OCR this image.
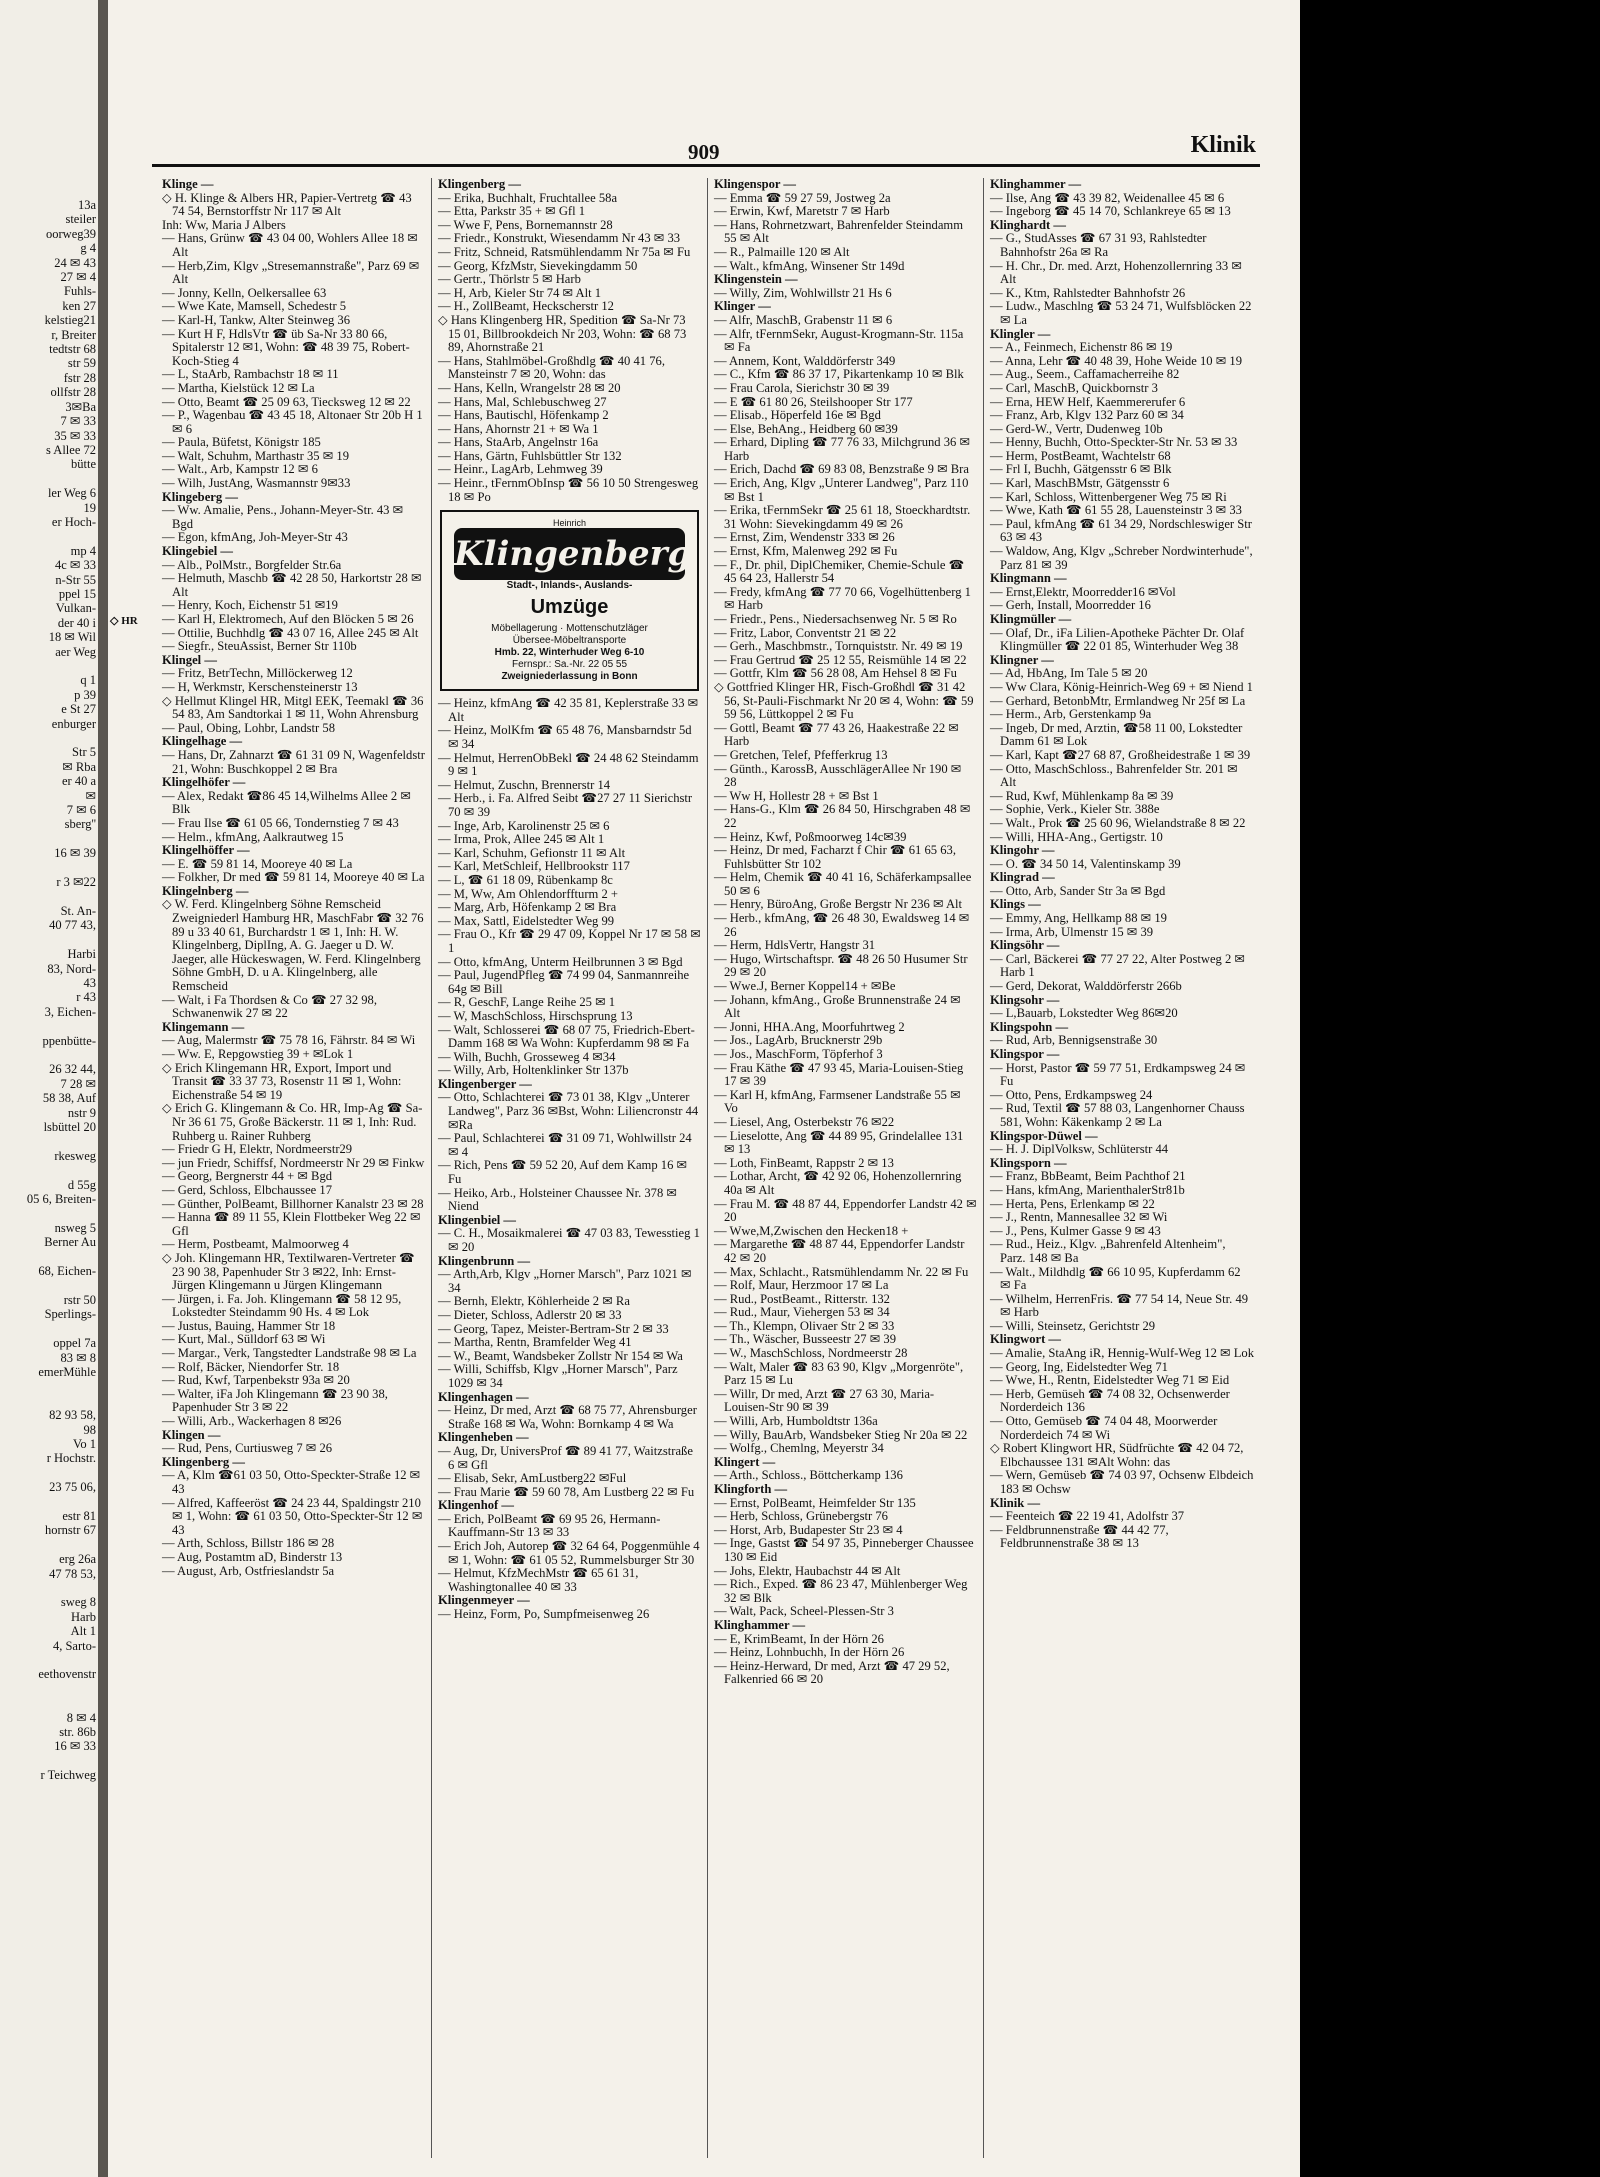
13a
steiler
oorweg39
g 4
24 ✉ 43
27 ✉ 4
Fuhls-
ken 27
kelstieg21
r, Breiter
tedtstr 68
str 59
fstr 28
ollfstr 28
3✉Ba
7 ✉ 33
35 ✉ 33
s Allee 72
bütte

ler Weg 6
19
er Hoch-

mp 4
4c ✉ 33
n-Str 55
ppel 15
Vulkan-
der 40 i
18 ✉ Wil
aer Weg

q 1
p 39
e St 27
enburger

Str 5
✉ Rba
er 40 a
✉
7 ✉ 6
sberg''

16 ✉ 39

r 3 ✉22

St. An-
40 77 43,

Harbi
83, Nord-
43
r 43
3, Eichen-

ppenbütte-

26 32 44,
7 28 ✉
58 38, Auf
nstr 9
lsbüttel 20

rkesweg

d 55g
05 6, Breiten-

nsweg 5
Berner Au

68, Eichen-

rstr 50
Sperlings-

oppel 7a
83 ✉ 8
emerMühle

82 93 58,
98
Vo 1
r Hochstr.

23 75 06,

estr 81
hornstr 67

erg 26a
47 78 53,

sweg 8
Harb
Alt 1
4, Sarto-

eethovenstr

8 ✉ 4
str. 86b
16 ✉ 33

r Teichweg
909	Klinik
◇ HR

Klinge —

◇ H. Klinge & Albers HR, Papier-Vertretg ☎ 43 74 54, Bernstorffstr Nr 117 ✉ Alt

Inh: Ww, Maria J Albers

— Hans, Grünw ☎ 43 04 00, Wohlers Allee 18 ✉ Alt

— Herb,Zim, Klgv „Stresemannstraße", Parz 69 ✉ Alt

— Jonny, Kelln, Oelkersallee 63

— Wwe Kate, Mamsell, Schedestr 5

— Karl-H, Tankw, Alter Steinweg 36

— Kurt H F, HdlsVtr ☎ üb Sa-Nr 33 80 66, Spitalerstr 12 ✉1, Wohn: ☎ 48 39 75, Robert-Koch-Stieg 4

— L, StaArb, Rambachstr 18 ✉ 11

— Martha, Kielstück 12 ✉ La

— Otto, Beamt ☎ 25 09 63, Tiecksweg 12 ✉ 22

— P., Wagenbau ☎ 43 45 18, Altonaer Str 20b H 1 ✉ 6

— Paula, Büfetst, Königstr 185

— Walt, Schuhm, Marthastr 35 ✉ 19

— Walt., Arb, Kampstr 12 ✉ 6

— Wilh, JustAng, Wasmannstr 9✉33

Klingeberg —

— Ww. Amalie, Pens., Johann-Meyer-Str. 43 ✉ Bgd

— Egon, kfmAng, Joh-Meyer-Str 43

Klingebiel —

— Alb., PolMstr., Borgfelder Str.6a

— Helmuth, Maschb ☎ 42 28 50, Harkortstr 28 ✉ Alt

— Henry, Koch, Eichenstr 51 ✉19

— Karl H, Elektromech, Auf den Blöcken 5 ✉ 26

— Ottilie, Buchhdlg ☎ 43 07 16, Allee 245 ✉ Alt

— Siegfr., SteuAssist, Berner Str 110b

Klingel —

— Fritz, BetrTechn, Millöckerweg 12

— H, Werkmstr, Kerschensteinerstr 13

◇ Hellmut Klingel HR, Mitgl EEK, Teemakl ☎ 36 54 83, Am Sandtorkai 1 ✉ 11, Wohn Ahrensburg

— Paul, Obing, Lohbr, Landstr 58

Klingelhage —

— Hans, Dr, Zahnarzt ☎ 61 31 09 N, Wagenfeldstr 21, Wohn: Buschkoppel 2 ✉ Bra

Klingelhöfer —

— Alex, Redakt ☎86 45 14,Wilhelms Allee 2 ✉ Blk

— Frau Ilse ☎ 61 05 66, Tondernstieg 7 ✉ 43

— Helm., kfmAng, Aalkrautweg 15

Klingelhöffer —

— E. ☎ 59 81 14, Mooreye 40 ✉ La

— Folkher, Dr med ☎ 59 81 14, Mooreye 40 ✉ La

Klingelnberg —

◇ W. Ferd. Klingelnberg Söhne Remscheid Zweigniederl Hamburg HR, MaschFabr ☎ 32 76 89 u 33 40 61, Burchardstr 1 ✉ 1, Inh: H. W. Klingelnberg, DiplIng, A. G. Jaeger u D. W. Jaeger, alle Hückeswagen, W. Ferd. Klingelnberg Söhne GmbH, D. u A. Klingelnberg, alle Remscheid

— Walt, i Fa Thordsen & Co ☎ 27 32 98, Schwanenwik 27 ✉ 22

Klingemann —

— Aug, Malermstr ☎ 75 78 16, Fährstr. 84 ✉ Wi

— Ww. E, Repgowstieg 39 + ✉Lok 1

◇ Erich Klingemann HR, Export, Import und Transit ☎ 33 37 73, Rosenstr 11 ✉ 1, Wohn: Eichenstraße 54 ✉ 19

◇ Erich G. Klingemann & Co. HR, Imp-Ag ☎ Sa-Nr 36 61 75, Große Bäckerstr. 11 ✉ 1, Inh: Rud. Ruhberg u. Rainer Ruhberg

— Friedr G H, Elektr, Nordmeerstr29

— jun Friedr, Schiffsf, Nordmeerstr Nr 29 ✉ Finkw

— Georg, Bergnerstr 44 + ✉ Bgd

— Gerd, Schloss, Elbchaussee 17

— Günther, PolBeamt, Billhorner Kanalstr 23 ✉ 28

— Hanna ☎ 89 11 55, Klein Flottbeker Weg 22 ✉ Gfl

— Herm, Postbeamt, Malmoorweg 4

◇ Joh. Klingemann HR, Textilwaren-Vertreter ☎ 23 90 38, Papenhuder Str 3 ✉22, Inh: Ernst-Jürgen Klingemann u Jürgen Klingemann

— Jürgen, i. Fa. Joh. Klingemann ☎ 58 12 95, Lokstedter Steindamm 90 Hs. 4 ✉ Lok

— Justus, Bauing, Hammer Str 18

— Kurt, Mal., Sülldorf 63 ✉ Wi

— Margar., Verk, Tangstedter Landstraße 98 ✉ La

— Rolf, Bäcker, Niendorfer Str. 18

— Rud, Kwf, Tarpenbekstr 93a ✉ 20

— Walter, iFa Joh Klingemann ☎ 23 90 38, Papenhuder Str 3 ✉ 22

— Willi, Arb., Wackerhagen 8 ✉26

Klingen —

— Rud, Pens, Curtiusweg 7 ✉ 26

Klingenberg —

— A, Klm ☎61 03 50, Otto-Speckter-Straße 12 ✉ 43

— Alfred, Kaffeeröst ☎ 24 23 44, Spaldingstr 210 ✉ 1, Wohn: ☎ 61 03 50, Otto-Speckter-Str 12 ✉ 43

— Arth, Schloss, Billstr 186 ✉ 28

— Aug, Postamtm aD, Binderstr 13

— August, Arb, Ostfrieslandstr 5a

Klingenberg —

— Erika, Buchhalt, Fruchtallee 58a

— Etta, Parkstr 35 + ✉ Gfl 1

— Wwe F, Pens, Bornemannstr 28

— Friedr., Konstrukt, Wiesendamm Nr 43 ✉ 33

— Fritz, Schneid, Ratsmühlendamm Nr 75a ✉ Fu

— Georg, KfzMstr, Sievekingdamm 50

— Gertr., Thörlstr 5 ✉ Harb

— H, Arb, Kieler Str 74 ✉ Alt 1

— H., ZollBeamt, Heckscherstr 12

◇ Hans Klingenberg HR, Spedition ☎ Sa-Nr 73 15 01, Billbrookdeich Nr 203, Wohn: ☎ 68 73 89, Ahornstraße 21

— Hans, Stahlmöbel-Großhdlg ☎ 40 41 76, Mansteinstr 7 ✉ 20, Wohn: das

— Hans, Kelln, Wrangelstr 28 ✉ 20

— Hans, Mal, Schlebuschweg 27

— Hans, Bautischl, Höfenkamp 2

— Hans, Ahornstr 21 + ✉ Wa 1

— Hans, StaArb, Angelnstr 16a

— Hans, Gärtn, Fuhlsbüttler Str 132

— Heinr., LagArb, Lehmweg 39

— Heinr., tFernmObInsp ☎ 56 10 50 Strengesweg 18 ✉ Po

Heinrich
Klingenberg
Stadt-, Inlands-, Auslands-
Umzüge
Möbellagerung · Mottenschutzläger
Übersee-Möbeltransporte
Hmb. 22, Winterhuder Weg 6-10
Fernspr.: Sa.-Nr. 22 05 55
Zweigniederlassung in Bonn

— Heinz, kfmAng ☎ 42 35 81, Keplerstraße 33 ✉ Alt

— Heinz, MolKfm ☎ 65 48 76, Mansbarndstr 5d ✉ 34

— Helmut, HerrenObBekl ☎ 24 48 62 Steindamm 9 ✉ 1

— Helmut, Zuschn, Brennerstr 14

— Herb., i. Fa. Alfred Seibt ☎27 27 11 Sierichstr 70 ✉ 39

— Inge, Arb, Karolinenstr 25 ✉ 6

— Irma, Prok, Allee 245 ✉ Alt 1

— Karl, Schuhm, Gefionstr 11 ✉ Alt

— Karl, MetSchleif, Hellbrookstr 117

— L, ☎ 61 18 09, Rübenkamp 8c

— M, Ww, Am Ohlendorffturm 2 +

— Marg, Arb, Höfenkamp 2 ✉ Bra

— Max, Sattl, Eidelstedter Weg 99

— Frau O., Kfr ☎ 29 47 09, Koppel Nr 17 ✉ 58 ✉ 1

— Otto, kfmAng, Unterm Heilbrunnen 3 ✉ Bgd

— Paul, JugendPfleg ☎ 74 99 04, Sanmannreihe 64g ✉ Bill

— R, GeschF, Lange Reihe 25 ✉ 1

— W, MaschSchloss, Hirschsprung 13

— Walt, Schlosserei ☎ 68 07 75, Friedrich-Ebert-Damm 168 ✉ Wa Wohn: Kupferdamm 98 ✉ Fa

— Wilh, Buchh, Grosseweg 4 ✉34

— Willy, Arb, Holtenklinker Str 137b

Klingenberger —

— Otto, Schlachterei ☎ 73 01 38, Klgv „Unterer Landweg", Parz 36 ✉Bst, Wohn: Liliencronstr 44✉Ra

— Paul, Schlachterei ☎ 31 09 71, Wohlwillstr 24 ✉ 4

— Rich, Pens ☎ 59 52 20, Auf dem Kamp 16 ✉ Fu

— Heiko, Arb., Holsteiner Chaussee Nr. 378 ✉ Niend

Klingenbiel —

— C. H., Mosaikmalerei ☎ 47 03 83, Tewesstieg 1 ✉ 20

Klingenbrunn —

— Arth,Arb, Klgv „Horner Marsch", Parz 1021 ✉ 34

— Bernh, Elektr, Köhlerheide 2 ✉ Ra

— Dieter, Schloss, Adlerstr 20 ✉ 33

— Georg, Tapez, Meister-Bertram-Str 2 ✉ 33

— Martha, Rentn, Bramfelder Weg 41

— W., Beamt, Wandsbeker Zollstr Nr 154 ✉ Wa

— Willi, Schiffsb, Klgv „Horner Marsch", Parz 1029 ✉ 34

Klingenhagen —

— Heinz, Dr med, Arzt ☎ 68 75 77, Ahrensburger Straße 168 ✉ Wa, Wohn: Bornkamp 4 ✉ Wa

Klingenheben —

— Aug, Dr, UniversProf ☎ 89 41 77, Waitzstraße 6 ✉ Gfl

— Elisab, Sekr, AmLustberg22 ✉Ful

— Frau Marie ☎ 59 60 78, Am Lustberg 22 ✉ Fu

Klingenhof —

— Erich, PolBeamt ☎ 69 95 26, Hermann-Kauffmann-Str 13 ✉ 33

— Erich Joh, Autorep ☎ 32 64 64, Poggenmühle 4 ✉ 1, Wohn: ☎ 61 05 52, Rummelsburger Str 30

— Helmut, KfzMechMstr ☎ 65 61 31, Washingtonallee 40 ✉ 33

Klingenmeyer —

— Heinz, Form, Po, Sumpfmeisenweg 26

Klingenspor —

— Emma ☎ 59 27 59, Jostweg 2a

— Erwin, Kwf, Maretstr 7 ✉ Harb

— Hans, Rohrnetzwart, Bahrenfelder Steindamm 55 ✉ Alt

— R., Palmaille 120 ✉ Alt

— Walt., kfmAng, Winsener Str 149d

Klingenstein —

— Willy, Zim, Wohlwillstr 21 Hs 6

Klinger —

— Alfr, MaschB, Grabenstr 11 ✉ 6

— Alfr, tFernmSekr, August-Krogmann-Str. 115a ✉ Fa

— Annem, Kont, Walddörferstr 349

— C., Kfm ☎ 86 37 17, Pikartenkamp 10 ✉ Blk

— Frau Carola, Sierichstr 30 ✉ 39

— E ☎ 61 80 26, Steilshooper Str 177

— Elisab., Höperfeld 16e ✉ Bgd

— Else, BehAng., Heidberg 60 ✉39

— Erhard, Dipling ☎ 77 76 33, Milchgrund 36 ✉ Harb

— Erich, Dachd ☎ 69 83 08, Benzstraße 9 ✉ Bra

— Erich, Ang, Klgv „Unterer Landweg", Parz 110 ✉ Bst 1

— Erika, tFernmSekr ☎ 25 61 18, Stoeckhardtstr. 31 Wohn: Sievekingdamm 49 ✉ 26

— Ernst, Zim, Wendenstr 333 ✉ 26

— Ernst, Kfm, Malenweg 292 ✉ Fu

— F., Dr. phil, DiplChemiker, Chemie-Schule ☎ 45 64 23, Hallerstr 54

— Fredy, kfmAng ☎ 77 70 66, Vogelhüttenberg 1 ✉ Harb

— Friedr., Pens., Niedersachsenweg Nr. 5 ✉ Ro

— Fritz, Labor, Conventstr 21 ✉ 22

— Gerh., Maschbmstr., Tornquiststr. Nr. 49 ✉ 19

— Frau Gertrud ☎ 25 12 55, Reismühle 14 ✉ 22

— Gottfr, Klm ☎ 56 28 08, Am Hehsel 8 ✉ Fu

◇ Gottfried Klinger HR, Fisch-Großhdl ☎ 31 42 56, St-Pauli-Fischmarkt Nr 20 ✉ 4, Wohn: ☎ 59 59 56, Lüttkoppel 2 ✉ Fu

— Gottl, Beamt ☎ 77 43 26, Haakestraße 22 ✉ Harb

— Gretchen, Telef, Pfefferkrug 13

— Günth., KarossB, AusschlägerAllee Nr 190 ✉ 28

— Ww H, Hollestr 28 + ✉ Bst 1

— Hans-G., Klm ☎ 26 84 50, Hirschgraben 48 ✉ 22

— Heinz, Kwf, Poßmoorweg 14c✉39

— Heinz, Dr med, Facharzt f Chir ☎ 61 65 63, Fuhlsbütter Str 102

— Helm, Chemik ☎ 40 41 16, Schäferkampsallee 50 ✉ 6

— Henry, BüroAng, Große Bergstr Nr 236 ✉ Alt

— Herb., kfmAng, ☎ 26 48 30, Ewaldsweg 14 ✉ 26

— Herm, HdlsVertr, Hangstr 31

— Hugo, Wirtschaftspr. ☎ 48 26 50 Husumer Str 29 ✉ 20

— Wwe.J, Berner Koppel14 + ✉Be

— Johann, kfmAng., Große Brunnenstraße 24 ✉ Alt

— Jonni, HHA.Ang, Moorfuhrtweg 2

— Jos., LagArb, Brucknerstr 29b

— Jos., MaschForm, Töpferhof 3

— Frau Käthe ☎ 47 93 45, Maria-Louisen-Stieg 17 ✉ 39

— Karl H, kfmAng, Farmsener Landstraße 55 ✉ Vo

— Liesel, Ang, Osterbekstr 76 ✉22

— Lieselotte, Ang ☎ 44 89 95, Grindelallee 131 ✉ 13

— Loth, FinBeamt, Rappstr 2 ✉ 13

— Lothar, Archt, ☎ 42 92 06, Hohenzollernring 40a ✉ Alt

— Frau M. ☎ 48 87 44, Eppendorfer Landstr 42 ✉ 20

— Wwe,M,Zwischen den Hecken18 +

— Margarethe ☎ 48 87 44, Eppendorfer Landstr 42 ✉ 20

— Max, Schlacht., Ratsmühlendamm Nr. 22 ✉ Fu

— Rolf, Maur, Herzmoor 17 ✉ La

— Rud., PostBeamt., Ritterstr. 132

— Rud., Maur, Viehergen 53 ✉ 34

— Th., Klempn, Olivaer Str 2 ✉ 33

— Th., Wäscher, Busseestr 27 ✉ 39

— W., MaschSchloss, Nordmeerstr 28

— Walt, Maler ☎ 83 63 90, Klgv „Morgenröte", Parz 15 ✉ Lu

— Willr, Dr med, Arzt ☎ 27 63 30, Maria-Louisen-Str 90 ✉ 39

— Willi, Arb, Humboldtstr 136a

— Willy, BauArb, Wandsbeker Stieg Nr 20a ✉ 22

— Wolfg., Chemlng, Meyerstr 34

Klingert —

— Arth., Schloss., Böttcherkamp 136

Klingforth —

— Ernst, PolBeamt, Heimfelder Str 135

— Herb, Schloss, Grünebergstr 76

— Horst, Arb, Budapester Str 23 ✉ 4

— Inge, Gastst ☎ 54 97 35, Pinneberger Chaussee 130 ✉ Eid

— Johs, Elektr, Haubachstr 44 ✉ Alt

— Rich., Exped. ☎ 86 23 47, Mühlenberger Weg 32 ✉ Blk

— Walt, Pack, Scheel-Plessen-Str 3

Klinghammer —

— E, KrimBeamt, In der Hörn 26

— Heinz, Lohnbuchh, In der Hörn 26

— Heinz-Herward, Dr med, Arzt ☎ 47 29 52, Falkenried 66 ✉ 20

Klinghammer —

— Ilse, Ang ☎ 43 39 82, Weidenallee 45 ✉ 6

— Ingeborg ☎ 45 14 70, Schlankreye 65 ✉ 13

Klinghardt —

— G., StudAsses ☎ 67 31 93, Rahlstedter Bahnhofstr 26a ✉ Ra

— H. Chr., Dr. med. Arzt, Hohenzollernring 33 ✉ Alt

— K., Ktm, Rahlstedter Bahnhofstr 26

— Ludw., Maschlng ☎ 53 24 71, Wulfsblöcken 22 ✉ La

Klingler —

— A., Feinmech, Eichenstr 86 ✉ 19

— Anna, Lehr ☎ 40 48 39, Hohe Weide 10 ✉ 19

— Aug., Seem., Caffamacherreihe 82

— Carl, MaschB, Quickbornstr 3

— Erna, HEW Helf, Kaemmererufer 6

— Franz, Arb, Klgv 132 Parz 60 ✉ 34

— Gerd-W., Vertr, Dudenweg 10b

— Henny, Buchh, Otto-Speckter-Str Nr. 53 ✉ 33

— Herm, PostBeamt, Wachtelstr 68

— Frl I, Buchh, Gätgensstr 6 ✉ Blk

— Karl, MaschBMstr, Gätgensstr 6

— Karl, Schloss, Wittenbergener Weg 75 ✉ Ri

— Wwe, Kath ☎ 61 55 28, Lauensteinstr 3 ✉ 33

— Paul, kfmAng ☎ 61 34 29, Nordschleswiger Str 63 ✉ 43

— Waldow, Ang, Klgv „Schreber Nordwinterhude", Parz 81 ✉ 39

Klingmann —

— Ernst,Elektr, Moorredder16 ✉Vol

— Gerh, Install, Moorredder 16

Klingmüller —

— Olaf, Dr., iFa Lilien-Apotheke Pächter Dr. Olaf Klingmüller ☎ 22 01 85, Winterhuder Weg 38

Klingner —

— Ad, HbAng, Im Tale 5 ✉ 20

— Ww Clara, König-Heinrich-Weg 69 + ✉ Niend 1

— Gerhard, BetonbMtr, Ermlandweg Nr 25f ✉ La

— Herm., Arb, Gerstenkamp 9a

— Ingeb, Dr med, Arztin, ☎58 11 00, Lokstedter Damm 61 ✉ Lok

— Karl, Kapt ☎27 68 87, Großheidestraße 1 ✉ 39

— Otto, MaschSchloss., Bahrenfelder Str. 201 ✉ Alt

— Rud, Kwf, Mühlenkamp 8a ✉ 39

— Sophie, Verk., Kieler Str. 388e

— Walt., Prok ☎ 25 60 96, Wielandstraße 8 ✉ 22

— Willi, HHA-Ang., Gertigstr. 10

Klingohr —

— O. ☎ 34 50 14, Valentinskamp 39

Klingrad —

— Otto, Arb, Sander Str 3a ✉ Bgd

Klings —

— Emmy, Ang, Hellkamp 88 ✉ 19

— Irma, Arb, Ulmenstr 15 ✉ 39

Klingsöhr —

— Carl, Bäckerei ☎ 77 27 22, Alter Postweg 2 ✉ Harb 1

— Gerd, Dekorat, Walddörferstr 266b

Klingsohr —

— L,Bauarb, Lokstedter Weg 86✉20

Klingspohn —

— Rud, Arb, Bennigsenstraße 30

Klingspor —

— Horst, Pastor ☎ 59 77 51, Erdkampsweg 24 ✉ Fu

— Otto, Pens, Erdkampsweg 24

— Rud, Textil ☎ 57 88 03, Langenhorner Chauss 581, Wohn: Käkenkamp 2 ✉ La

Klingspor-Düwel —

— H. J. DiplVolksw, Schlüterstr 44

Klingsporn —

— Franz, BbBeamt, Beim Pachthof 21

— Hans, kfmAng, MarienthalerStr81b

— Herta, Pens, Erlenkamp ✉ 22

— J., Rentn, Mannesallee 32 ✉ Wi

— J., Pens, Kulmer Gasse 9 ✉ 43

— Rud., Heiz., Klgv. „Bahrenfeld Altenheim", Parz. 148 ✉ Ba

— Walt., Mildhdlg ☎ 66 10 95, Kupferdamm 62 ✉ Fa

— Wilhelm, HerrenFris. ☎ 77 54 14, Neue Str. 49 ✉ Harb

— Willi, Steinsetz, Gerichtstr 29

Klingwort —

— Amalie, StaAng iR, Hennig-Wulf-Weg 12 ✉ Lok

— Georg, Ing, Eidelstedter Weg 71

— Wwe, H., Rentn, Eidelstedter Weg 71 ✉ Eid

— Herb, Gemüseh ☎ 74 08 32, Ochsenwerder Norderdeich 136

— Otto, Gemüseb ☎ 74 04 48, Moorwerder Norderdeich 74 ✉ Wi

◇ Robert Klingwort HR, Südfrüchte ☎ 42 04 72, Elbchaussee 131 ✉Alt Wohn: das

— Wern, Gemüseb ☎ 74 03 97, Ochsenw Elbdeich 183 ✉ Ochsw

Klinik —

— Feenteich ☎ 22 19 41, Adolfstr 37

— Feldbrunnenstraße ☎ 44 42 77, Feldbrunnenstraße 38 ✉ 13
